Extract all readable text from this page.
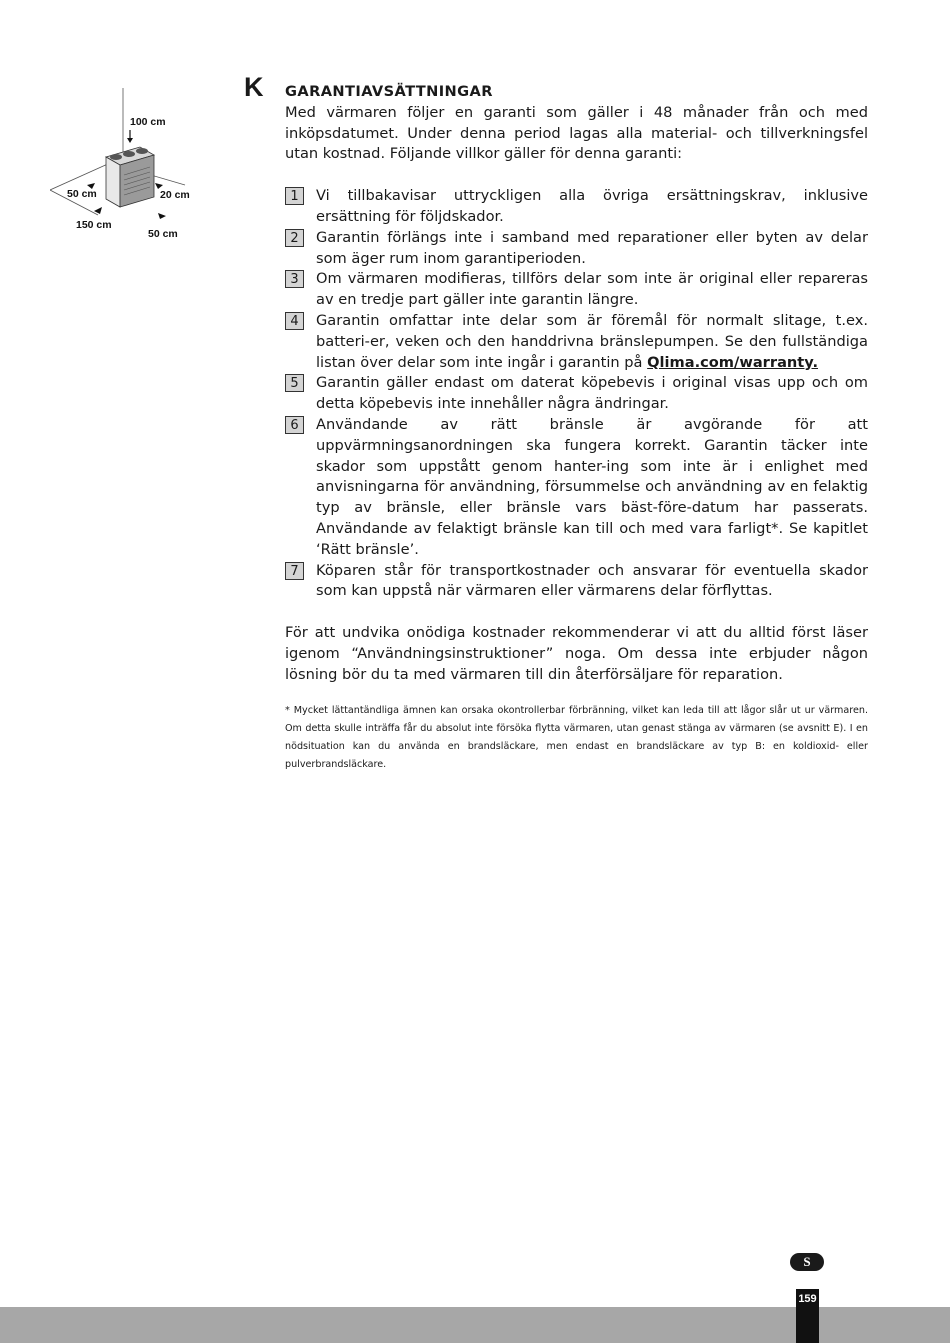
100 cm
50 cm	20 cm
150 cm
50 cm
K GARANTIAVSÄTTNINGAR

Med värmaren följer en garanti som gäller i 48 månader från och med inköpsdatumet. Under denna period lagas alla material- och tillverkningsfel utan kostnad. Följande villkor gäller för denna garanti:

1	Vi tillbakavisar uttryckligen alla övriga ersättningskrav, inklusive ersättning för följdskador.
2	Garantin förlängs inte i samband med reparationer eller byten av delar som äger rum inom garantiperioden.
3	Om värmaren modifieras, tillförs delar som inte är original eller repareras av en tredje part gäller inte garantin längre.
4	Garantin omfattar inte delar som är föremål för normalt slitage, t.ex. batteri-er, veken och den handdrivna bränslepumpen. Se den fullständiga listan över delar som inte ingår i garantin på Qlima.com/warranty.
5	Garantin gäller endast om daterat köpebevis i original visas upp och om detta köpebevis inte innehåller några ändringar.
6	Användande av rätt bränsle är avgörande för att uppvärmningsanordningen ska fungera korrekt. Garantin täcker inte skador som uppstått genom hanter-ing som inte är i enlighet med anvisningarna för användning, försummelse och användning av en felaktig typ av bränsle, eller bränsle vars bäst-före-datum har passerats. Användande av felaktigt bränsle kan till och med vara farligt*. Se kapitlet ‘Rätt bränsle’.
7	Köparen står för transportkostnader och ansvarar för eventuella skador som kan uppstå när värmaren eller värmarens delar förflyttas.

För att undvika onödiga kostnader rekommenderar vi att du alltid först läser igenom “Användningsinstruktioner” noga. Om dessa inte erbjuder någon lösning bör du ta med värmaren till din återförsäljare för reparation.

* Mycket lättantändliga ämnen kan orsaka okontrollerbar förbränning, vilket kan leda till att lågor slår ut ur värmaren. Om detta skulle inträffa får du absolut inte försöka flytta värmaren, utan genast stänga av värmaren (se avsnitt E). I en nödsituation kan du använda en brandsläckare, men endast en brandsläckare av typ B: en koldioxid- eller pulverbrandsläckare.

S
159
